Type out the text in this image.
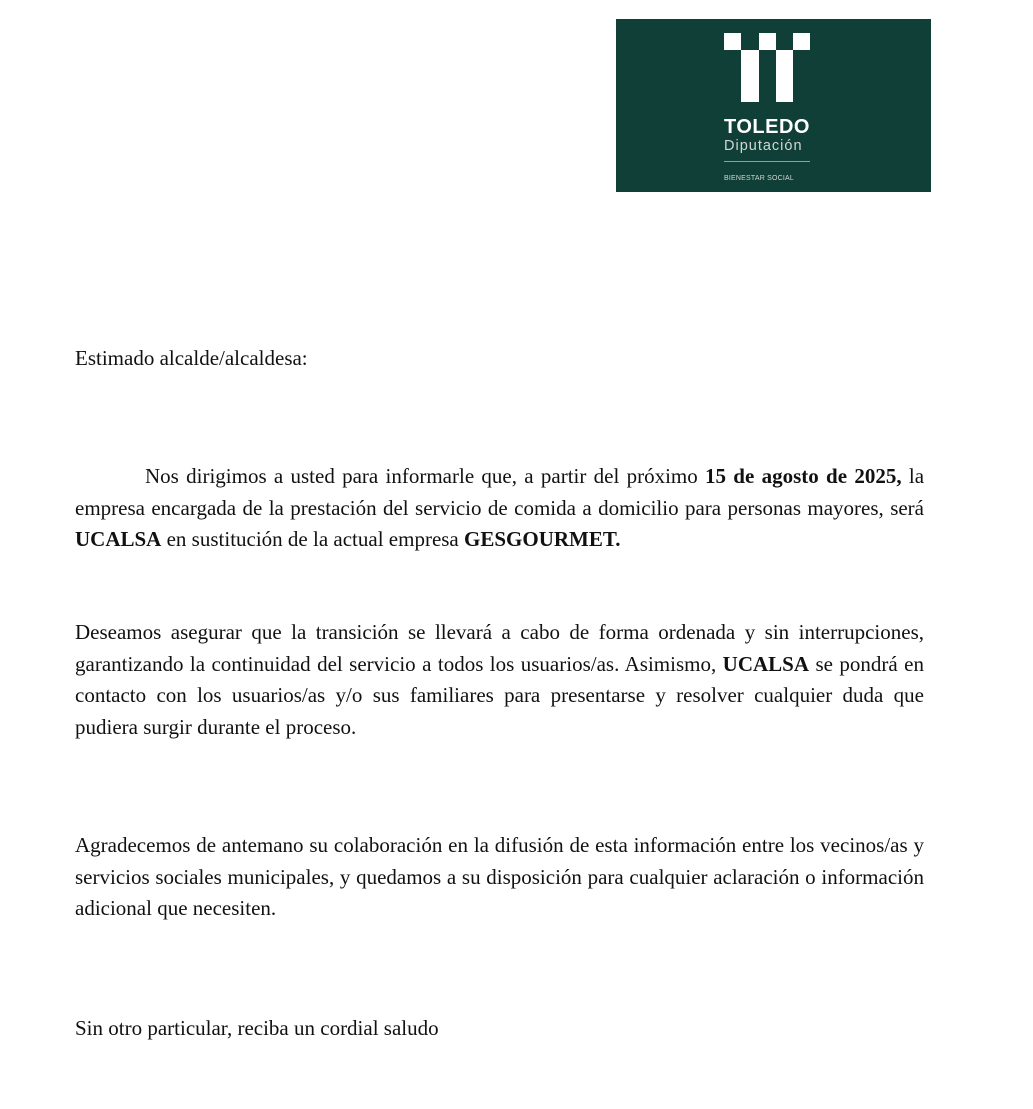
TOLEDO
Diputación
BIENESTAR SOCIAL

Estimado alcalde/alcaldesa:

Nos dirigimos a usted para informarle que, a partir del próximo 15 de agosto de 2025, la empresa encargada de la prestación del servicio de comida a domicilio para personas mayores, será UCALSA en sustitución de la actual empresa GESGOURMET.

Deseamos asegurar que la transición se llevará a cabo de forma ordenada y sin interrupciones, garantizando la continuidad del servicio a todos los usuarios/as. Asimismo, UCALSA se pondrá en contacto con los usuarios/as y/o sus familiares para presentarse y resolver cualquier duda que pudiera surgir durante el proceso.

Agradecemos de antemano su colaboración en la difusión de esta información entre los vecinos/as y servicios sociales municipales, y quedamos a su disposición para cualquier aclaración o información adicional que necesiten.

Sin otro particular, reciba un cordial saludo
